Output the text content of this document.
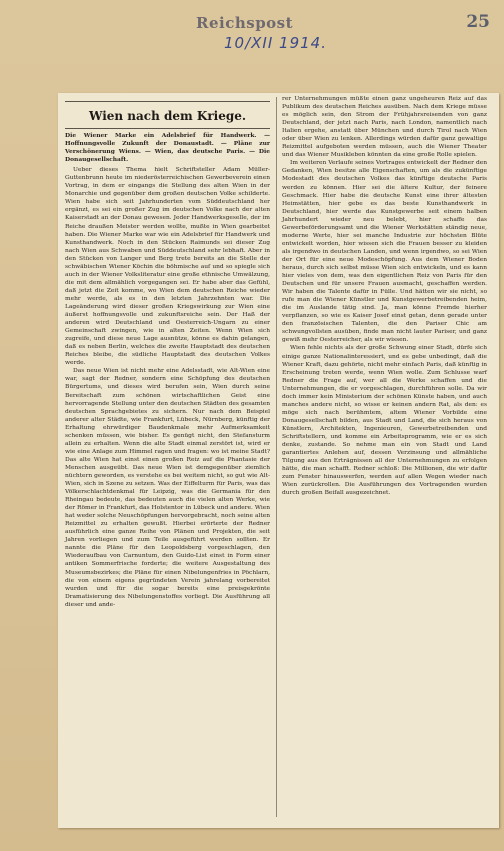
Reichspost	25
10/XII 1914.
Wien nach dem Kriege.
Die Wiener Marke ein Adelsbrief für Handwerk. — Hoffnungsvolle Zukunft der Donaustadt. — Pläne zur Verschönerung Wiens. — Wien, das deutsche Paris. — Die Donaugesellschaft.

Ueber dieses Thema hielt Schriftsteller Adam Müller-Guttenbrunn heute im niederösterreichischen Gewerbeverein einen Vortrag, in dem er eingangs die Stellung des alten Wien in der Monarchie und gegenüber dem großen deutschen Volke schilderte. Wien habe sich seit Jahrhunderten vom Süddeutschland her ergänzt, es sei ein großer Zug im deutschen Volke nach der alten Kaiserstadt an der Donau gewesen. Jeder Handwerksgeselle, der im Reiche draußen Meister werden wollte, mußte in Wien gearbeitet haben. Die Wiener Marke war wie ein Adelsbrief für Handwerk und Kunsthandwerk. Noch in den Stücken Raimunds sei dieser Zug nach Wien aus Schwaben und Süddeutschland sehr lebhaft. Aber in den Stücken von Langer und Berg trete bereits an die Stelle der schwäbischen Wiener Köchin die böhmische auf und so spiegle sich auch in der Wiener Volksliteratur eine große ethnische Umwälzung, die mit dem allmählich vorgegangen sei. Er habe aber das Gefühl, daß jetzt die Zeit komme, wo Wien dem deutschen Reiche wieder mehr werde, als es in den letzten Jahrzehnten war. Die Lageänderung wird dieser großen Kriegswirkung zur Wien eine äußerst hoffnungsvolle und zukunftsreiche sein. Der Haß der anderen wird Deutschland und Oesterreich-Ungarn zu einer Gemeinschaft zwingen, wie in alten Zeiten. Wenn Wien sich zugreife, und diese neue Lage ausnütze, könne es dahin gelangen, daß es neben Berlin, welches die zweite Hauptstadt des deutschen Reiches bleibe, die südliche Hauptstadt des deutschen Volkes werde.

Das neue Wien ist nicht mehr eine Adelsstadt, wie Alt-Wien eine war, sagt der Redner, sondern eine Schöpfung des deutschen Bürgertums, und dieses wird berufen sein, Wien durch seine Bereitschaft zum schönen wirtschaftlichen Geist eine hervorragende Stellung unter den deutschen Städten des gesamten deutschen Sprachgebietes zu sichern. Nur nach dem Beispiel anderer alter Städte, wie Frankfurt, Lübeck, Nürnberg, künftig der Erhaltung ehrwürdiger Baudenkmale mehr Aufmerksamkeit schenken müssen, wie bisher. Es genügt nicht, den Stefansturm allein zu erhalten. Wenn die alte Stadt einmal zerstört ist, wird er wie eine Anlage zum Himmel ragen und fragen: wo ist meine Stadt? Das alte Wien hat einst einen großen Reiz auf die Phantasie der Menschen ausgeübt. Das neue Wien ist demgegenüber ziemlich nüchtern geworden, es verstehe es bei weitem nicht, so gut wie Alt-Wien, sich in Szene zu setzen. Was der Eiffelturm für Paris, was das Völkerschlachtdenkmal für Leipzig, was die Germania für den Rheingau bedeute, das bedeuten auch die vielen alten Werke, wie der Römer in Frankfurt, das Holstentor in Lübeck und andere. Wien hat weder solche Neuschöpfungen hervorgebracht, noch seine alten Reizmittel zu erhalten gewußt. Hierbei erörterte der Redner ausführlich eine ganze Reihe von Plänen und Projekten, die seit Jahren vorliegen und zum Teile ausgeführt werden sollten. Er nannte die Pläne für den Leopoldsberg vorgeschlagen, den Wiederaufbau von Carnuntum, den Guido-List einst in Form einer antiken Sommerfrische forderte; die weitere Ausgestaltung des Museumsbezirkes; die Pläne für einen Nibelungenfries in Pöchlarn, die von einem eigens gegründeten Verein jahrelang vorbereitet wurden und für die sogar bereits eine preisgekrönte Dramatisierung des Nibelungenstoffes vorliegt. Die Ausführung all dieser und ande-

rer Unternehmungen müßte einen ganz ungeheuren Reiz auf das Publikum des deutschen Reiches ausüben. Nach dem Kriege müsse es möglich sein, den Strom der Frühjahrsreisenden von ganz Deutschland, der jetzt nach Paris, nach London, namentlich nach Italien ergehe, anstatt über München und durch Tirol nach Wien oder über Wien zu lenken. Allerdings würden dafür ganz gewaltige Reizmittel aufgeboten werden müssen, auch die Wiener Theater und das Wiener Musikleben könnten da eine große Rolle spielen.

Im weiteren Verlaufe seines Vortrages entwickelt der Redner den Gedanken, Wien besitze alle Eigenschaften, um als die zukünftige Modestadt des deutschen Volkes das künftige deutsche Paris werden zu können. Hier sei die ältere Kultur, der feinere Geschmack. Hier habe die deutsche Kunst eine ihrer ältesten Heimstätten, hier gebe es das beste Kunsthandwerk in Deutschland, hier werde das Kunstgewerbe seit einem halben Jahrhundert wieder neu belebt, hier schaffe das Gewerbeförderungsamt und die Wiener Werkstätten ständig neue, moderne Werte, hier sei manche Industrie zur höchsten Blüte entwickelt worden, hier wissen sich die Frauen besser zu kleiden als irgendwo in deutschen Landen, und wenn irgendwo, so sei Wien der Ort für eine neue Modeschöpfung. Aus dem Wiener Boden heraus, durch sich selbst müsse Wien sich entwickeln, und es kann hier vieles von dem, was den eigentlichen Reiz von Paris für den Deutschen und für unsere Frauen ausmacht, geschaffen werden. Wir haben die Talente dafür in Fülle. Und hätten wir sie nicht, so rufe man die Wiener Künstler und Kunstgewerbetreibenden heim, die im Auslande tätig sind. Ja, man könne Fremde hierher verpflanzen, so wie es Kaiser Josef einst getan, denn gerade unter den französischen Talenten, die den Pariser Chic am schwungvollsten ausüben, finde man nicht lauter Pariser, und ganz gewiß mehr Oesterreicher, als wir wissen.

Wien fehle nichts als der große Schwung einer Stadt, dürfe sich einige ganze Nationalinteressiert, und es gebe unbedingt, daß die Wiener Kraft, dazu gehörte, nicht mehr einfach Paris, daß künftig in Erscheinung treten werde, wenn Wien wolle. Zum Schlusse warf Redner die Frage auf, wer all die Werke schaffen und die Unternehmungen, die er vorgeschlagen, durchführen solle. Da wir doch immer kein Ministerium der schönen Künste haben, und auch manches andere nicht, so wisse er keinen andern Rat, als den: es möge sich nach berühmtem, altem Wiener Vorbilde eine Donaugesellschaft bilden, aus Stadt und Land, die sich heraus von Künstlern, Architekten, Ingenieuren, Gewerbetreibenden und Schriftstellern, und komme ein Arbeitsprogramm, wie er es sich denke, zustande. So nehme man ein von Stadt und Land garantiertes Anlehen auf, dessen Verzinsung und allmähliche Tilgung aus den Erträgnissen all der Unternehmungen zu erfolgen hätte, die man schafft. Redner schloß: Die Millionen, die wir dafür zum Fenster hinauswerfen, werden auf allen Wegen wieder nach Wien zurückrollen. Die Ausführungen des Vortragenden wurden durch großen Beifall ausgezeichnet.
